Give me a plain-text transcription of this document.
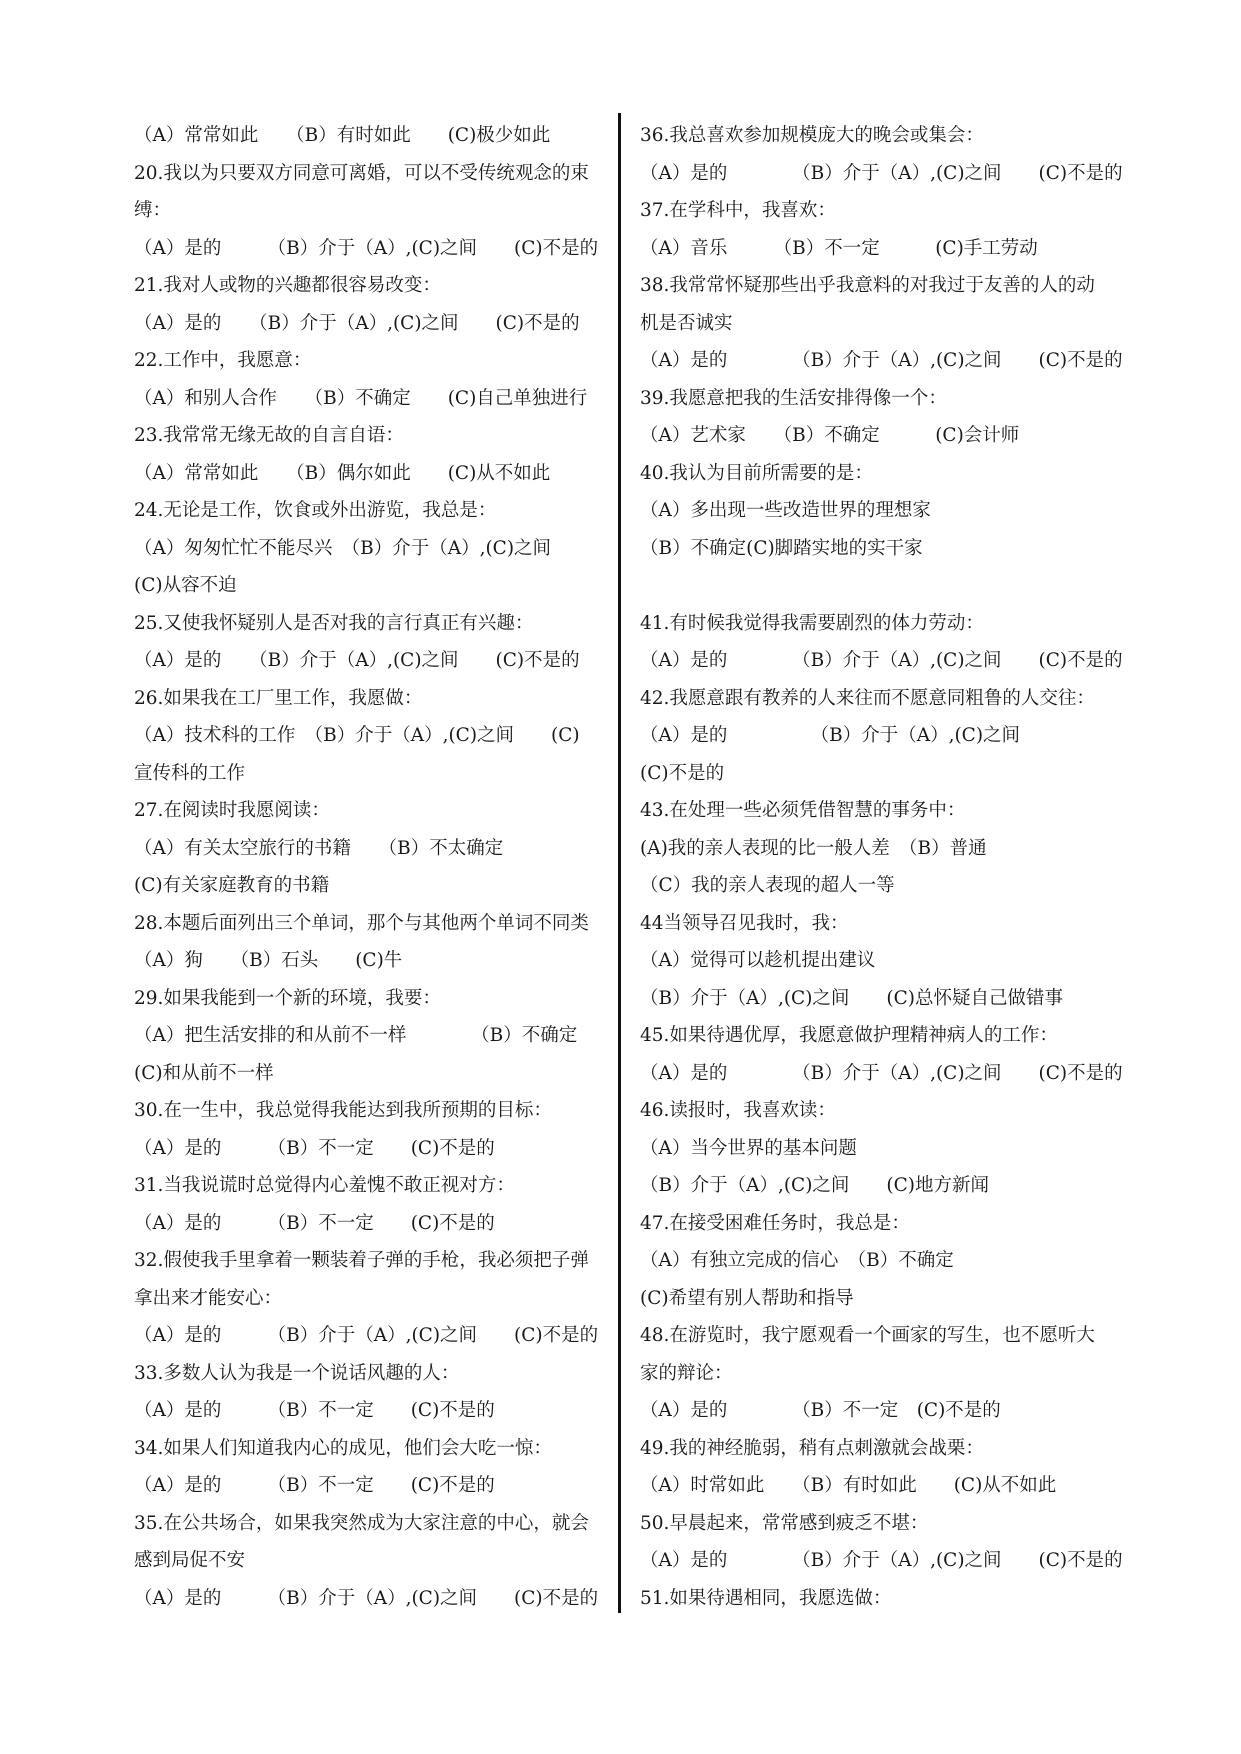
（A）常常如此　　（B）有时如此　　(C)极少如此
20.我以为只要双方同意可离婚，可以不受传统观念的束
缚：
（A）是的　　　（B）介于（A）,(C)之间　　(C)不是的
21.我对人或物的兴趣都很容易改变：
（A）是的　　（B）介于（A）,(C)之间　　(C)不是的
22.工作中，我愿意：
（A）和别人合作　　（B）不确定　　(C)自己单独进行
23.我常常无缘无故的自言自语：
（A）常常如此　　（B）偶尔如此　　(C)从不如此
24.无论是工作，饮食或外出游览，我总是：
（A）匆匆忙忙不能尽兴　（B）介于（A）,(C)之间
(C)从容不迫
25.又使我怀疑别人是否对我的言行真正有兴趣：
（A）是的　　（B）介于（A）,(C)之间　　(C)不是的
26.如果我在工厂里工作，我愿做：
（A）技术科的工作　（B）介于（A）,(C)之间　　(C)
宣传科的工作
27.在阅读时我愿阅读：
（A）有关太空旅行的书籍　　（B）不太确定
(C)有关家庭教育的书籍
28.本题后面列出三个单词，那个与其他两个单词不同类
（A）狗　　（B）石头　　(C)牛
29.如果我能到一个新的环境，我要：
（A）把生活安排的和从前不一样　　　　（B）不确定
(C)和从前不一样
30.在一生中，我总觉得我能达到我所预期的目标：
（A）是的　　　（B）不一定　　(C)不是的
31.当我说谎时总觉得内心羞愧不敢正视对方：
（A）是的　　　（B）不一定　　(C)不是的
32.假使我手里拿着一颗装着子弹的手枪，我必须把子弹
拿出来才能安心：
（A）是的　　　（B）介于（A）,(C)之间　　(C)不是的
33.多数人认为我是一个说话风趣的人：
（A）是的　　　（B）不一定　　(C)不是的
34.如果人们知道我内心的成见，他们会大吃一惊：
（A）是的　　　（B）不一定　　(C)不是的
35.在公共场合，如果我突然成为大家注意的中心，就会
感到局促不安
（A）是的　　　（B）介于（A）,(C)之间　　(C)不是的
36.我总喜欢参加规模庞大的晚会或集会：
（A）是的　　　　（B）介于（A）,(C)之间　　(C)不是的
37.在学科中，我喜欢：
（A）音乐　　　（B）不一定　　　(C)手工劳动
38.我常常怀疑那些出乎我意料的对我过于友善的人的动
机是否诚实
（A）是的　　　　（B）介于（A）,(C)之间　　(C)不是的
39.我愿意把我的生活安排得像一个：
（A）艺术家　　（B）不确定　　　(C)会计师
40.我认为目前所需要的是：
（A）多出现一些改造世界的理想家
（B）不确定(C)脚踏实地的实干家
41.有时候我觉得我需要剧烈的体力劳动：
（A）是的　　　　（B）介于（A）,(C)之间　　(C)不是的
42.我愿意跟有教养的人来往而不愿意同粗鲁的人交往：
（A）是的　　　　　（B）介于（A）,(C)之间
(C)不是的
43.在处理一些必须凭借智慧的事务中：
(A)我的亲人表现的比一般人差　（B）普通
（C）我的亲人表现的超人一等
44当领导召见我时，我：
（A）觉得可以趁机提出建议
（B）介于（A）,(C)之间　　(C)总怀疑自己做错事
45.如果待遇优厚，我愿意做护理精神病人的工作：
（A）是的　　　　（B）介于（A）,(C)之间　　(C)不是的
46.读报时，我喜欢读：
（A）当今世界的基本问题
（B）介于（A）,(C)之间　　(C)地方新闻
47.在接受困难任务时，我总是：
（A）有独立完成的信心　（B）不确定
(C)希望有别人帮助和指导
48.在游览时，我宁愿观看一个画家的写生，也不愿听大
家的辩论：
（A）是的　　　　（B）不一定　(C)不是的
49.我的神经脆弱，稍有点刺激就会战栗：
（A）时常如此　　（B）有时如此　　(C)从不如此
50.早晨起来，常常感到疲乏不堪：
（A）是的　　　　（B）介于（A）,(C)之间　　(C)不是的
51.如果待遇相同，我愿选做：
